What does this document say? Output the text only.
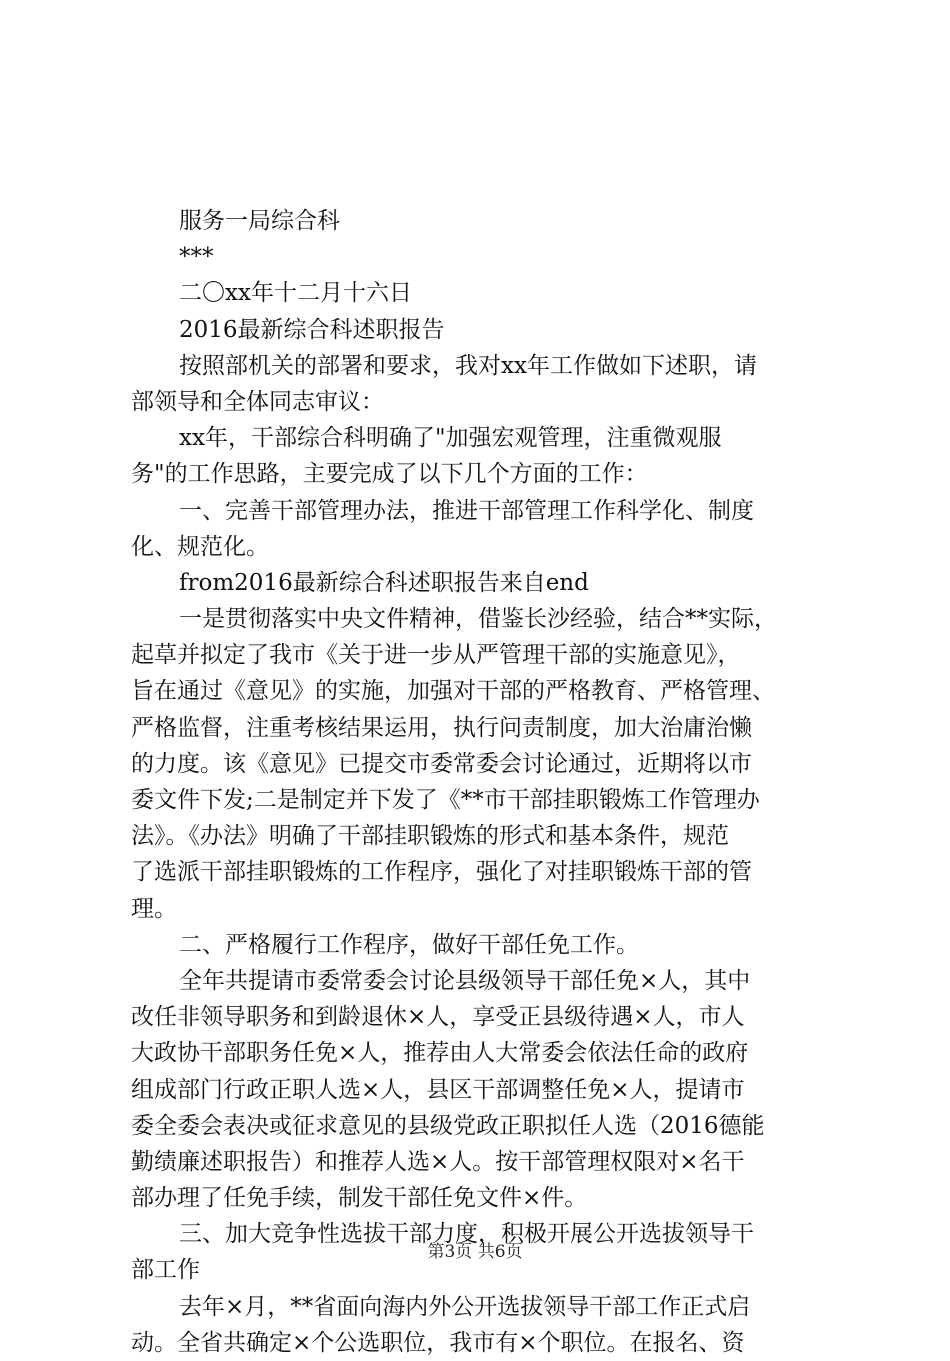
服务一局综合科
***
二〇xx年十二月十六日
2016最新综合科述职报告
按照部机关的部署和要求，我对xx年工作做如下述职，请
部领导和全体同志审议：
xx年，干部综合科明确了"加强宏观管理，注重微观服
务"的工作思路，主要完成了以下几个方面的工作：
一、完善干部管理办法，推进干部管理工作科学化、制度
化、规范化。
from2016最新综合科述职报告来自end
一是贯彻落实中央文件精神，借鉴长沙经验，结合**实际，
起草并拟定了我市《关于进一步从严管理干部的实施意见》，
旨在通过《意见》的实施，加强对干部的严格教育、严格管理、
严格监督，注重考核结果运用，执行问责制度，加大治庸治懒
的力度。该《意见》已提交市委常委会讨论通过，近期将以市
委文件下发;二是制定并下发了《**市干部挂职锻炼工作管理办
法》。《办法》明确了干部挂职锻炼的形式和基本条件，规范
了选派干部挂职锻炼的工作程序，强化了对挂职锻炼干部的管
理。
二、严格履行工作程序，做好干部任免工作。
全年共提请市委常委会讨论县级领导干部任免×人，其中
改任非领导职务和到龄退休×人，享受正县级待遇×人，市人
大政协干部职务任免×人，推荐由人大常委会依法任命的政府
组成部门行政正职人选×人，县区干部调整任免×人，提请市
委全委会表决或征求意见的县级党政正职拟任人选（2016德能
勤绩廉述职报告）和推荐人选×人。按干部管理权限对×名干
部办理了任免手续，制发干部任免文件×件。
三、加大竞争性选拔干部力度，积极开展公开选拔领导干
部工作
去年×月，**省面向海内外公开选拔领导干部工作正式启
动。全省共确定×个公选职位，我市有×个职位。在报名、资
第3页 共6页
